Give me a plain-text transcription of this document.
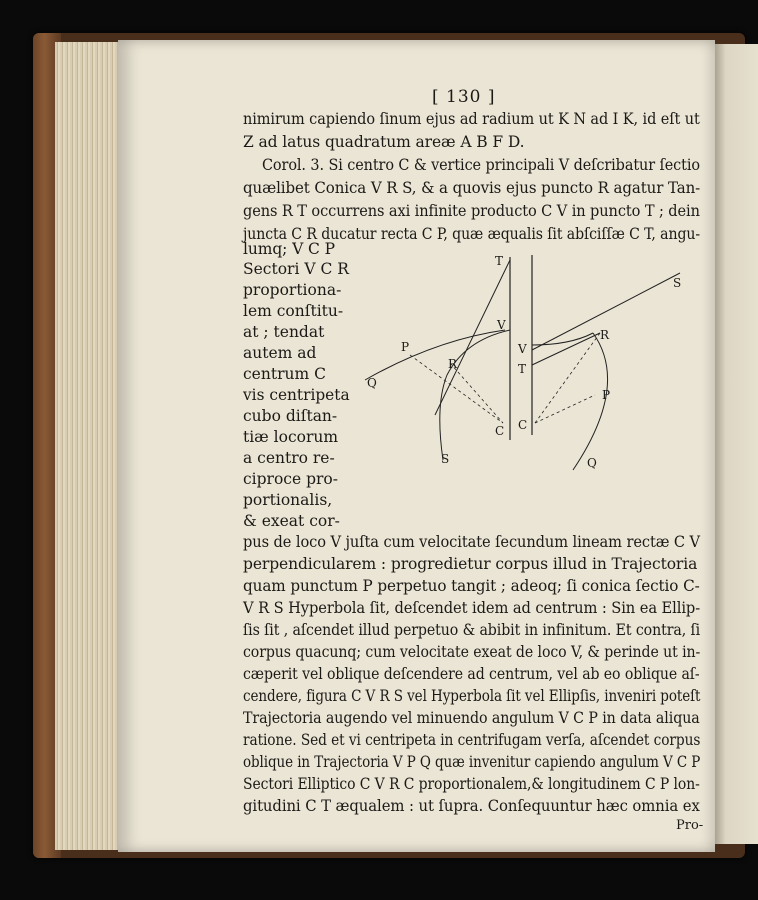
[ 130 ]
nimirum capiendo ſinum ejus ad radium ut K N ad I K, id eſt ut
Z ad latus quadratum areæ A B F D.
Corol. 3. Si centro C & vertice principali V deſcribatur ſectio
quælibet Conica V R S, & a quovis ejus puncto R agatur Tan-
gens R T occurrens axi infinite producto C V in puncto T ; dein
juncta C R ducatur recta C P, quæ æqualis ſit abſciſſæ C T, angu-
lumq; V C P
Sectori V C R
proportiona-
lem conſtitu-
at ; tendat
autem ad
centrum C
vis centripeta
cubo diſtan-
tiæ locorum
a centro re-
ciproce pro-
portionalis,
& exeat cor-
T
V
P
R
Q
C
S
V
T
R
P
C
S
Q
pus de loco V juſta cum velocitate ſecundum lineam rectæ C V
perpendicularem : progredietur corpus illud in Trajectoria
quam punctum P perpetuo tangit ; adeoq; ſi conica ſectio C-
V R S Hyperbola ſit, deſcendet idem ad centrum : Sin ea Ellip-
ſis ſit , aſcendet illud perpetuo & abibit in infinitum. Et contra, ſi
corpus quacunq; cum velocitate exeat de loco V, & perinde ut in-
cæperit vel oblique deſcendere ad centrum, vel ab eo oblique aſ-
cendere, figura C V R S vel Hyperbola ſit vel Ellipſis, inveniri poteſt
Trajectoria augendo vel minuendo angulum V C P in data aliqua
ratione. Sed et vi centripeta in centrifugam verſa, aſcendet corpus
oblique in Trajectoria V P Q quæ invenitur capiendo angulum V C P
Sectori Elliptico C V R C proportionalem,& longitudinem C P lon-
gitudini C T æqualem : ut ſupra. Conſequuntur hæc omnia ex
Pro-
